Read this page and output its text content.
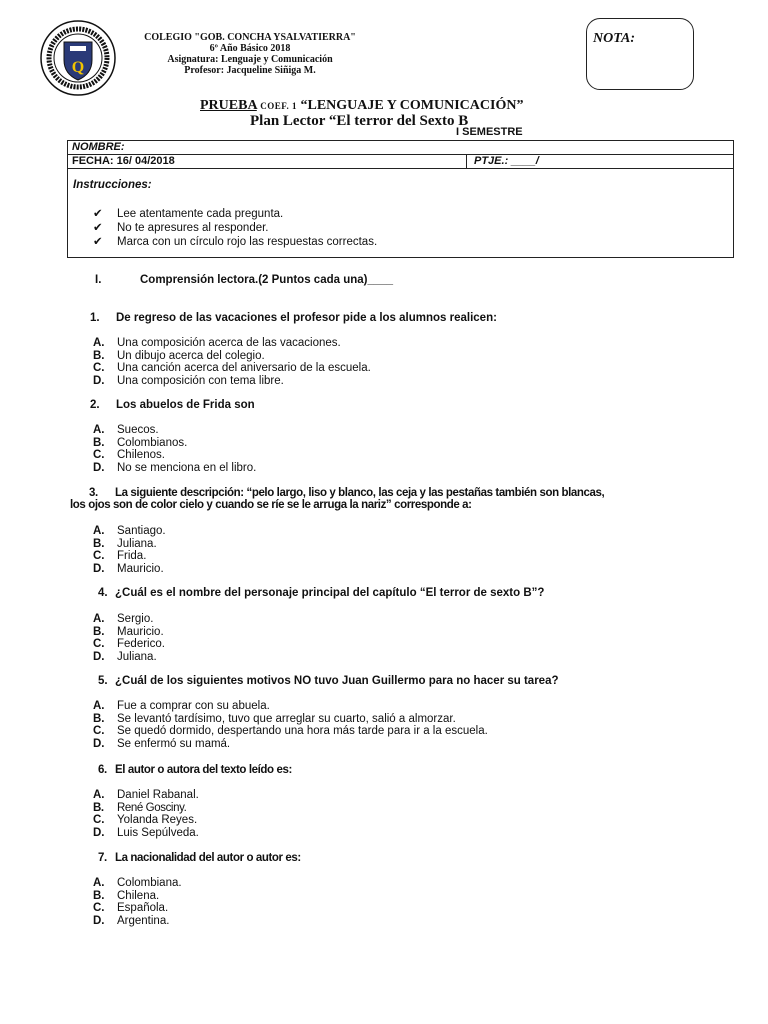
Q
COLEGIO "GOB. CONCHA YSALVATIERRA"
6º Año Básico 2018
Asignatura: Lenguaje y Comunicación
Profesor: Jacqueline Siñiga M.
NOTA:
PRUEBA COEF. 1 “LENGUAJE Y COMUNICACIÓN”
Plan Lector “El terror del Sexto B
I SEMESTRE
NOMBRE:
FECHA: 16/ 04/2018	PTJE.: ____/
Instrucciones:
✔ Lee atentamente cada pregunta.
✔ No te apresures al responder.
✔ Marca con un círculo rojo las respuestas correctas.
I.	Comprensión lectora.(2 Puntos cada una)____
1. De regreso de las vacaciones el profesor pide a los alumnos realicen:
A. Una composición acerca de las vacaciones.
B. Un dibujo acerca del colegio.
C. Una canción acerca del aniversario de la escuela.
D. Una composición con tema libre.
2. Los abuelos de Frida son
A. Suecos.
B. Colombianos.
C. Chilenos.
D. No se menciona en el libro.
3. La siguiente descripción: “pelo largo, liso y blanco, las ceja y las pestañas también son blancas,
los ojos son de color cielo y cuando se ríe se le arruga la nariz” corresponde a:
A. Santiago.
B. Juliana.
C. Frida.
D. Mauricio.
4. ¿Cuál es el nombre del personaje principal del capítulo “El terror de sexto B”?
A. Sergio.
B. Mauricio.
C. Federico.
D. Juliana.
5. ¿Cuál de los siguientes motivos NO tuvo Juan Guillermo para no hacer su tarea?
A. Fue a comprar con su abuela.
B. Se levantó tardísimo, tuvo que arreglar su cuarto, salió a almorzar.
C. Se quedó dormido, despertando una hora más tarde para ir a la escuela.
D. Se enfermó su mamá.
6. El autor o autora del texto leído es:
A. Daniel Rabanal.
B. René Gosciny.
C. Yolanda Reyes.
D. Luis Sepúlveda.
7. La nacionalidad del autor o autor es:
A. Colombiana.
B. Chilena.
C. Española.
D. Argentina.
